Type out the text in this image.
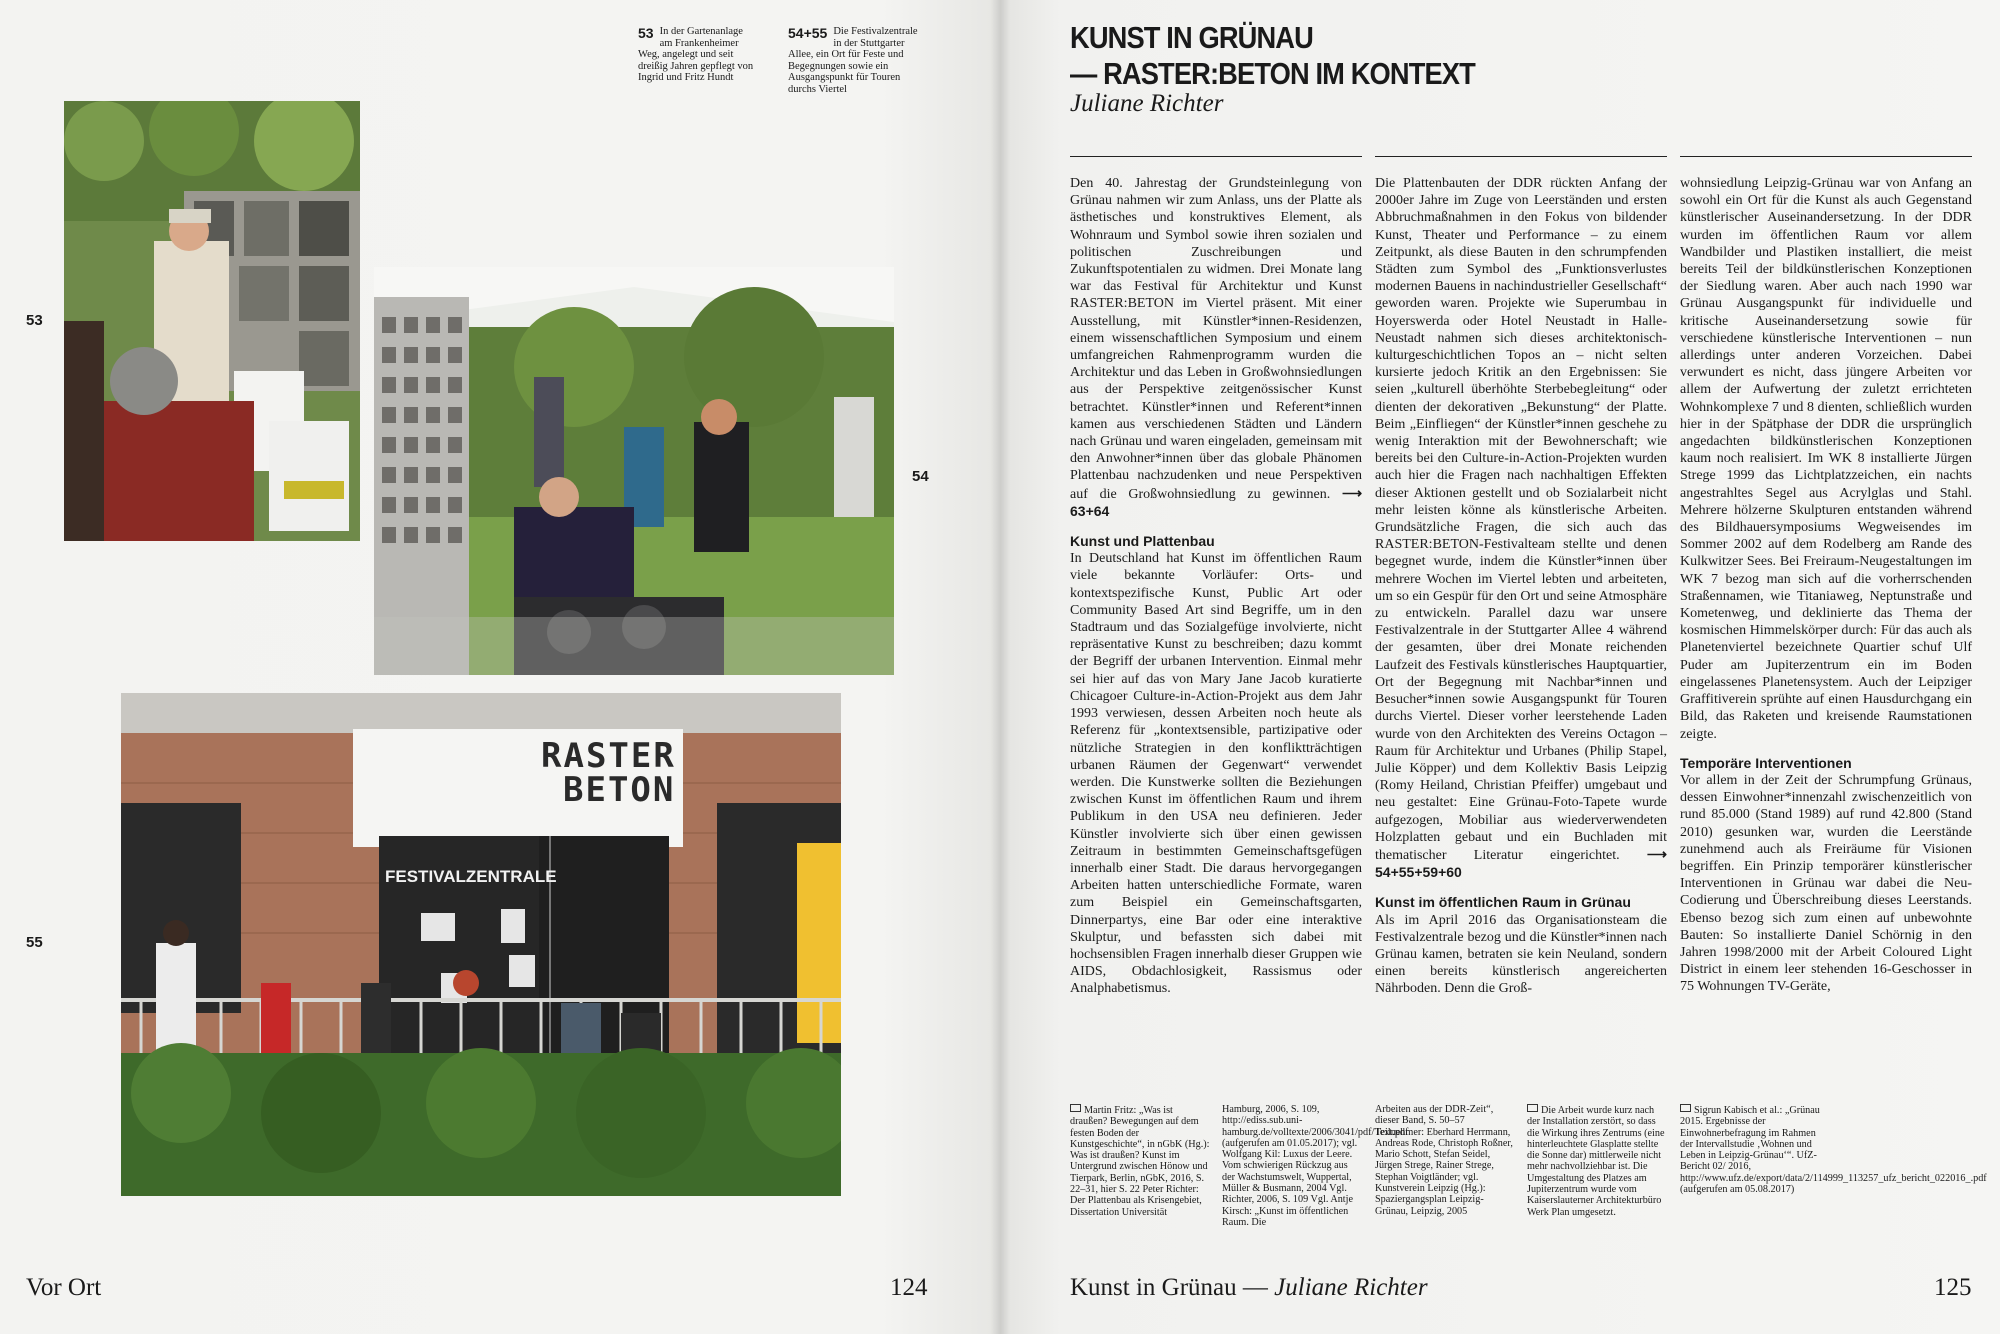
RASTER
BETON
FESTIVALZENTRALE
53
54
55
53 In der Gartenanlage am Frankenheimer Weg, angelegt und seit dreißig Jahren gepflegt von Ingrid und Fritz Hundt
54+55 Die Festivalzentrale in der Stuttgarter Allee, ein Ort für Feste und Begegnungen sowie ein Ausgangspunkt für Touren durchs Viertel
Vor Ort	124
KUNST IN GRÜNAU
— RASTER:BETON IM KONTEXT
Juliane Richter

Den 40. Jahrestag der Grundsteinlegung von Grünau nahmen wir zum Anlass, uns der Platte als ästhetisches und konstruktives Element, als Wohnraum und Symbol sowie ihren sozialen und politischen Zuschreibungen und Zukunftspotentialen zu widmen. Drei Monate lang war das Festival für Architektur und Kunst RASTER:BETON im Viertel präsent. Mit einer Ausstellung, mit Künstler*innen-Residenzen, einem wissenschaftlichen Symposium und einem umfangreichen Rahmenprogramm wurden die Architektur und das Leben in Großwohnsiedlungen aus der Perspektive zeitgenössischer Kunst betrachtet. Künstler*innen und Referent*innen kamen aus verschiedenen Städten und Ländern nach Grünau und waren eingeladen, gemeinsam mit den Anwohner*innen über das globale Phänomen Plattenbau nachzudenken und neue Perspektiven auf die Großwohnsiedlung zu gewinnen. ⟶ 63+64

Kunst und Plattenbau

In Deutschland hat Kunst im öffentlichen Raum viele bekannte Vorläufer: Orts- und kontextspezifische Kunst, Public Art oder Community Based Art sind Begriffe, um in den Stadtraum und das Sozialgefüge involvierte, nicht repräsentative Kunst zu beschreiben; dazu kommt der Begriff der urbanen Intervention. Einmal mehr sei hier auf das von Mary Jane Jacob kuratierte Chicagoer Culture-in-Action-Projekt aus dem Jahr 1993 verwiesen, dessen Arbeiten noch heute als Referenz für „kontextsensible, partizipative oder nützliche Strategien in den konfliktträchtigen urbanen Räumen der Gegenwart“ verwendet werden. Die Kunstwerke sollten die Beziehungen zwischen Kunst im öffentlichen Raum und ihrem Publikum in den USA neu definieren. Jeder Künstler involvierte sich über einen gewissen Zeitraum in bestimmten Gemeinschaftsgefügen innerhalb einer Stadt. Die daraus hervorgegangen Arbeiten hatten unterschiedliche Formate, waren zum Beispiel ein Gemeinschaftsgarten, Dinnerpartys, eine Bar oder eine interaktive Skulptur, und befassten sich dabei mit hochsensiblen Fragen innerhalb dieser Gruppen wie AIDS, Obdachlosigkeit, Rassismus oder Analphabetismus.

Die Plattenbauten der DDR rückten Anfang der 2000er Jahre im Zuge von Leerständen und ersten Abbruchmaßnahmen in den Fokus von bildender Kunst, Theater und Performance – zu einem Zeitpunkt, als diese Bauten in den schrumpfenden Städten zum Symbol des „Funktionsverlustes modernen Bauens in nachindustrieller Gesellschaft“ geworden waren. Projekte wie Superumbau in Hoyerswerda oder Hotel Neustadt in Halle-Neustadt nahmen sich dieses architektonisch-kulturgeschichtlichen Topos an – nicht selten kursierte jedoch Kritik an den Ergebnissen: Sie seien „kulturell überhöhte Sterbebegleitung“ oder dienten der dekorativen „Bekunstung“ der Platte. Beim „Einfliegen“ der Künstler*innen geschehe zu wenig Interaktion mit der Bewohnerschaft; wie bereits bei den Culture-in-Action-Projekten wurden auch hier die Fragen nach nachhaltigen Effekten dieser Aktionen gestellt und ob Sozialarbeit nicht mehr leisten könne als künstlerische Arbeiten. Grundsätzliche Fragen, die sich auch das RASTER:BETON-Festivalteam stellte und denen begegnet wurde, indem die Künstler*innen über mehrere Wochen im Viertel lebten und arbeiteten, um so ein Gespür für den Ort und seine Atmosphäre zu entwickeln. Parallel dazu war unsere Festivalzentrale in der Stuttgarter Allee 4 während der gesamten, über drei Monate reichenden Laufzeit des Festivals künstlerisches Hauptquartier, Ort der Begegnung mit Nachbar*innen und Besucher*innen sowie Ausgangspunkt für Touren durchs Viertel. Dieser vorher leerstehende Laden wurde von den Architekten des Vereins Octagon – Raum für Architektur und Urbanes (Philip Stapel, Julie Köpper) und dem Kollektiv Basis Leipzig (Romy Heiland, Christian Pfeiffer) umgebaut und neu gestaltet: Eine Grünau-Foto-Tapete wurde aufgezogen, Mobiliar aus wiederverwendeten Holzplatten gebaut und ein Buchladen mit thematischer Literatur eingerichtet. ⟶ 54+55+59+60

Kunst im öffentlichen Raum in Grünau

Als im April 2016 das Organisationsteam die Festivalzentrale bezog und die Künstler*innen nach Grünau kamen, betraten sie kein Neuland, sondern einen bereits künstlerisch angereicherten Nährboden. Denn die Groß-

wohnsiedlung Leipzig-Grünau war von Anfang an sowohl ein Ort für die Kunst als auch Gegenstand künstlerischer Auseinandersetzung. In der DDR wurden im öffentlichen Raum vor allem Wandbilder und Plastiken installiert, die meist bereits Teil der bildkünstlerischen Konzeptionen der Siedlung waren. Aber auch nach 1990 war Grünau Ausgangspunkt für individuelle und kritische Auseinandersetzung sowie für verschiedene künstlerische Interventionen – nun allerdings unter anderen Vorzeichen. Dabei verwundert es nicht, dass jüngere Arbeiten vor allem der Aufwertung der zuletzt errichteten Wohnkomplexe 7 und 8 dienten, schließlich wurden hier in der Spätphase der DDR die ursprünglich angedachten bildkünstlerischen Konzeptionen kaum noch realisiert. Im WK 8 installierte Jürgen Strege 1999 das Lichtplatzzeichen, ein nachts angestrahltes Segel aus Acrylglas und Stahl. Mehrere hölzerne Skulpturen entstanden während des Bildhauersymposiums Wegweisendes im Sommer 2002 auf dem Rodelberg am Rande des Kulkwitzer Sees. Bei Freiraum-Neugestaltungen im WK 7 bezog man sich auf die vorherrschenden Straßennamen, wie Titaniaweg, Neptunstraße und Kometenweg, und deklinierte das Thema der kosmischen Himmelskörper durch: Für das auch als Planetenviertel bezeichnete Quartier schuf Ulf Puder am Jupiterzentrum ein im Boden eingelassenes Planetensystem. Auch der Leipziger Graffitiverein sprühte auf einen Hausdurchgang ein Bild, das Raketen und kreisende Raumstationen zeigte.

Temporäre Interventionen

Vor allem in der Zeit der Schrumpfung Grünaus, dessen Einwohner*innenzahl zwischenzeitlich von rund 85.000 (Stand 1989) auf rund 42.800 (Stand 2010) gesunken war, wurden die Leerstände zunehmend auch als Freiräume für Visionen begriffen. Ein Prinzip temporärer künstlerischer Interventionen in Grünau war dabei die Neu-Codierung und Überschreibung dieses Leerstands. Ebenso bezog sich zum einen auf unbewohnte Bauten: So installierte Daniel Schörnig in den Jahren 1998/2000 mit der Arbeit Coloured Light District in einem leer stehenden 16-Geschosser in 75 Wohnungen TV-Geräte,

Martin Fritz: „Was ist draußen? Bewegungen auf dem festen Boden der Kunstgeschichte“, in nGbK (Hg.): Was ist draußen? Kunst im Untergrund zwischen Hönow und Tierpark, Berlin, nGbK, 2016, S. 22–31, hier S. 22 Peter Richter: Der Plattenbau als Krisengebiet, Dissertation Universität
Hamburg, 2006, S. 109, http://ediss.sub.uni-hamburg.de/volltexte/2006/3041/pdf/Text.pdf (aufgerufen am 01.05.2017); vgl. Wolfgang Kil: Luxus der Leere. Vom schwierigen Rückzug aus der Wachstumswelt, Wuppertal, Müller & Busmann, 2004 Vgl. Richter, 2006, S. 109 Vgl. Antje Kirsch: „Kunst im öffentlichen Raum. Die
Arbeiten aus der DDR-Zeit“, dieser Band, S. 50–57 Teilnehmer: Eberhard Herrmann, Andreas Rode, Christoph Roßner, Mario Schott, Stefan Seidel, Jürgen Strege, Rainer Strege, Stephan Voigtländer; vgl. Kunstverein Leipzig (Hg.): Spaziergangsplan Leipzig-Grünau, Leipzig, 2005
Die Arbeit wurde kurz nach der Installation zerstört, so dass die Wirkung ihres Zentrums (eine hinterleuchtete Glasplatte stellte die Sonne dar) mittlerweile nicht mehr nachvollziehbar ist. Die Umgestaltung des Platzes am Jupiterzentrum wurde vom Kaiserslauterner Architekturbüro Werk Plan umgesetzt.
Sigrun Kabisch et al.: „Grünau 2015. Ergebnisse der Einwohnerbefragung im Rahmen der Intervallstudie ‚Wohnen und Leben in Leipzig-Grünau‘“. UfZ-Bericht 02/ 2016, http://www.ufz.de/export/data/2/114999_113257_ufz_bericht_022016_.pdf (aufgerufen am 05.08.2017)
Kunst in Grünau — Juliane Richter	125
